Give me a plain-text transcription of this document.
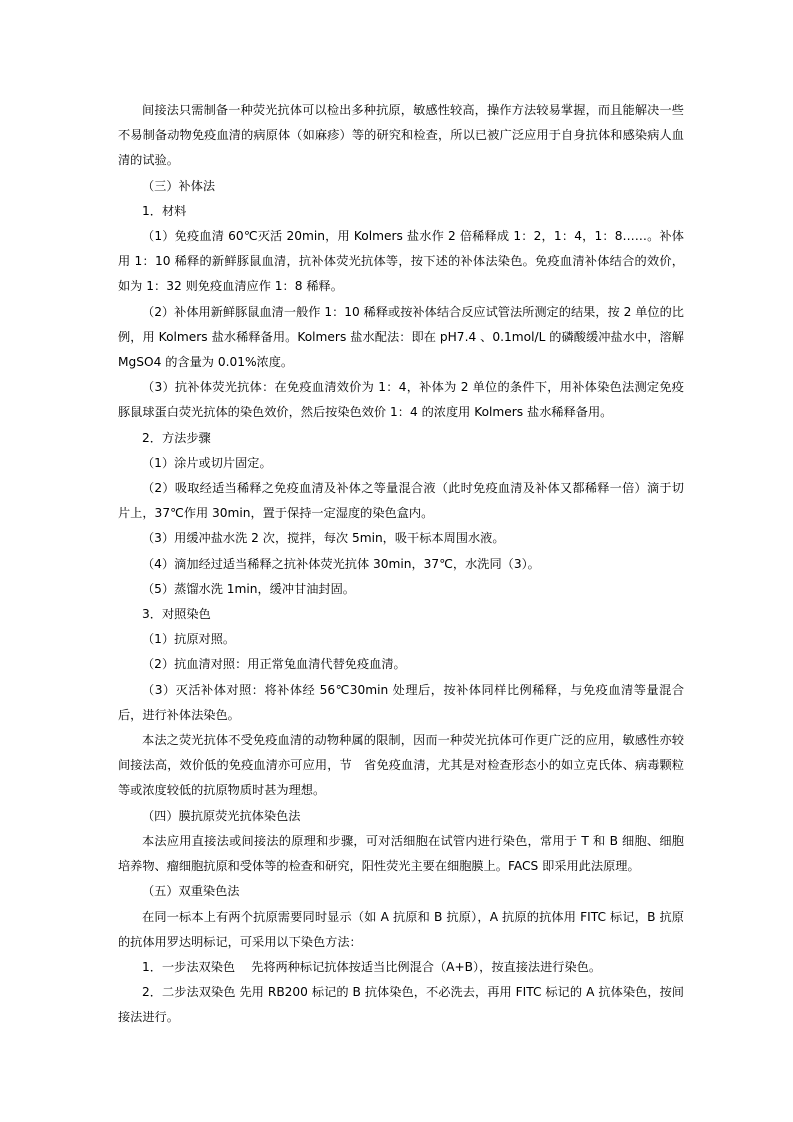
间接法只需制备一种荧光抗体可以检出多种抗原，敏感性较高，操作方法较易掌握，而且能解决一些不易制备动物免疫血清的病原体（如麻疹）等的研究和检查，所以已被广泛应用于自身抗体和感染病人血清的试验。

（三）补体法

1．材料

（1）免疫血清 60℃灭活 20min，用 Kolmers 盐水作 2 倍稀释成 1：2，1：4，1：8……。补体用 1：10 稀释的新鲜豚鼠血清，抗补体荧光抗体等，按下述的补体法染色。免疫血清补体结合的效价，如为 1：32 则免疫血清应作 1：8 稀释。

（2）补体用新鲜豚鼠血清一般作 1：10 稀释或按补体结合反应试管法所测定的结果，按 2 单位的比例，用 Kolmers 盐水稀释备用。Kolmers 盐水配法：即在 pH7.4 、0.1mol/L 的磷酸缓冲盐水中，溶解 MgSO4 的含量为 0.01%浓度。

（3）抗补体荧光抗体：在免疫血清效价为 1：4，补体为 2 单位的条件下，用补体染色法测定免疫豚鼠球蛋白荧光抗体的染色效价，然后按染色效价 1：4 的浓度用 Kolmers 盐水稀释备用。

2．方法步骤

（1）涂片或切片固定。

（2）吸取经适当稀释之免疫血清及补体之等量混合液（此时免疫血清及补体又都稀释一倍）滴于切片上，37℃作用 30min，置于保持一定湿度的染色盒内。

（3）用缓冲盐水洗 2 次，搅拌，每次 5min，吸干标本周围水液。

（4）滴加经过适当稀释之抗补体荧光抗体 30min，37℃，水洗同（3）。

（5）蒸馏水洗 1min，缓冲甘油封固。

3．对照染色

（1）抗原对照。

（2）抗血清对照：用正常兔血清代替免疫血清。

（3）灭活补体对照：将补体经 56℃30min 处理后，按补体同样比例稀释，与免疫血清等量混合后，进行补体法染色。

本法之荧光抗体不受免疫血清的动物种属的限制，因而一种荧光抗体可作更广泛的应用，敏感性亦较间接法高，效价低的免疫血清亦可应用，节　省免疫血清，尤其是对检查形态小的如立克氏体、病毒颗粒等或浓度较低的抗原物质时甚为理想。

（四）膜抗原荧光抗体染色法

本法应用直接法或间接法的原理和步骤，可对活细胞在试管内进行染色，常用于 T 和 B 细胞、细胞培养物、瘤细胞抗原和受体等的检查和研究，阳性荧光主要在细胞膜上。FACS 即采用此法原理。

（五）双重染色法

在同一标本上有两个抗原需要同时显示（如 A 抗原和 B 抗原），A 抗原的抗体用 FITC 标记，B 抗原的抗体用罗达明标记，可采用以下染色方法：

1．一步法双染色　 先将两种标记抗体按适当比例混合（A+B），按直接法进行染色。

2．二步法双染色 先用 RB200 标记的 B 抗体染色，不必洗去，再用 FITC 标记的 A 抗体染色，按间接法进行。
